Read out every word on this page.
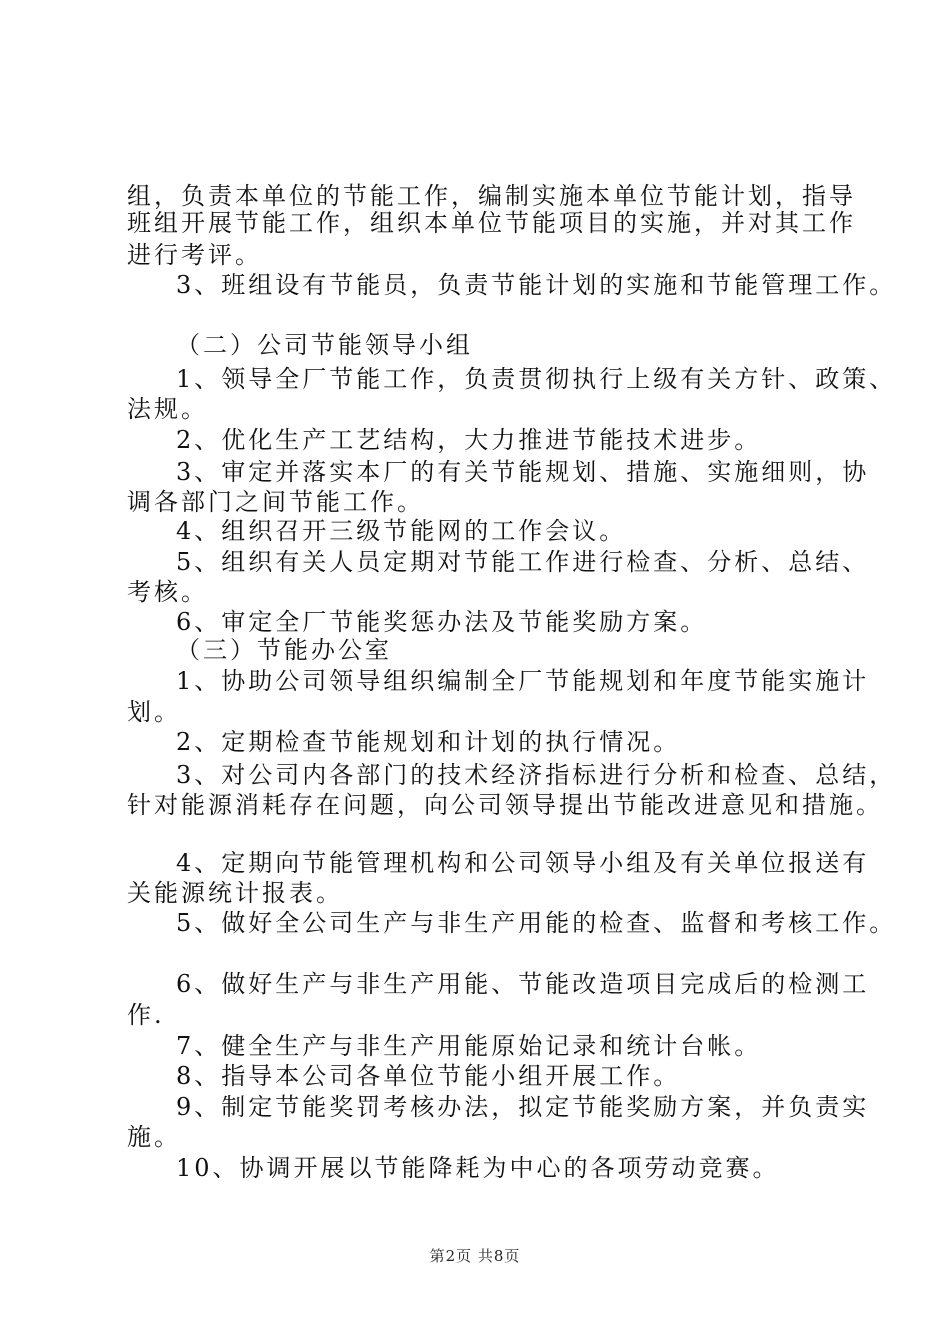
组，负责本单位的节能工作，编制实施本单位节能计划，指导
班组开展节能工作，组织本单位节能项目的实施，并对其工作
进行考评。
3、班组设有节能员，负责节能计划的实施和节能管理工作。
（二）公司节能领导小组
1、领导全厂节能工作，负责贯彻执行上级有关方针、政策、
法规。
2、优化生产工艺结构，大力推进节能技术进步。
3、审定并落实本厂的有关节能规划、措施、实施细则，协
调各部门之间节能工作。
4、组织召开三级节能网的工作会议。
5、组织有关人员定期对节能工作进行检查、分析、总结、
考核。
6、审定全厂节能奖惩办法及节能奖励方案。
（三）节能办公室
1、协助公司领导组织编制全厂节能规划和年度节能实施计
划。
2、定期检查节能规划和计划的执行情况。
3、对公司内各部门的技术经济指标进行分析和检查、总结，
针对能源消耗存在问题，向公司领导提出节能改进意见和措施。
4、定期向节能管理机构和公司领导小组及有关单位报送有
关能源统计报表。
5、做好全公司生产与非生产用能的检查、监督和考核工作。
6、做好生产与非生产用能、节能改造项目完成后的检测工
作.
7、健全生产与非生产用能原始记录和统计台帐。
8、指导本公司各单位节能小组开展工作。
9、制定节能奖罚考核办法，拟定节能奖励方案，并负责实
施。
10、协调开展以节能降耗为中心的各项劳动竞赛。
第2页 共8页
